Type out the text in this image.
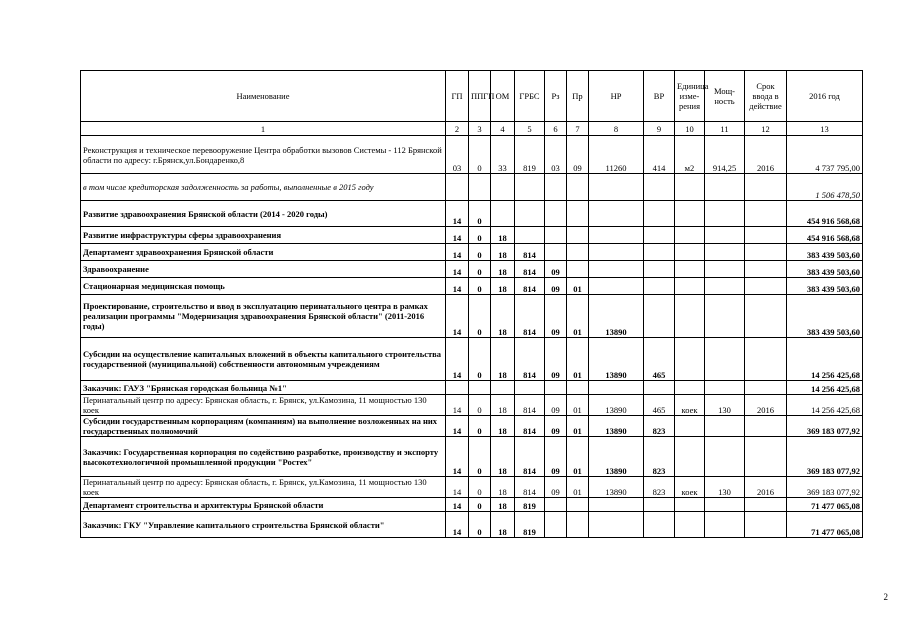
Наименование	ГП	ППГП	ОМ	ГРБС	Рз	Пр	НР	ВР	Единица изме-рения	Мощ-ность	Срок ввода в действие	2016 год
1	2	3	4	5	6	7	8	9	10	11	12	13
Реконструкция и техническое перевооружение Центра обработки вызовов Системы - 112 Брянской области по адресу: г.Брянск,ул.Бондаренко,8	03	0	33	819	03	09	11260	414	м2	914,25	2016	4 737 795,00
в том числе кредиторская задолженность за работы, выполненные в 2015 году												1 506 478,50
Развитие здравоохранения Брянской области (2014 - 2020 годы)	14	0										454 916 568,68
Развитие инфраструктуры сферы здравоохранения	14	0	18									454 916 568,68
Департамент здравоохранения Брянской области	14	0	18	814								383 439 503,60
Здравоохранение	14	0	18	814	09							383 439 503,60
Стационарная медицинская помощь	14	0	18	814	09	01						383 439 503,60
Проектирование, строительство и ввод в эксплуатацию перинатального центра в рамках реализации программы "Модернизация здравоохранения Брянской области" (2011-2016 годы)	14	0	18	814	09	01	13890					383 439 503,60
Субсидии на осуществление капитальных вложений в объекты капитального строительства государственной (муниципальной) собственности автономным учреждениям	14	0	18	814	09	01	13890	465				14 256 425,68
Заказчик: ГАУЗ "Брянская городская больница №1"												14 256 425,68
Перинатальный центр по адресу: Брянская область, г. Брянск, ул.Камозина, 11 мощностью 130 коек	14	0	18	814	09	01	13890	465	коек	130	2016	14 256 425,68
Субсидии государственным корпорациям (компаниям) на выполнение возложенных на них государственных полномочий	14	0	18	814	09	01	13890	823				369 183 077,92
Заказчик: Государственная корпорация по содействию разработке, производству и экспорту высокотехнологичной промышленной продукции "Ростех"	14	0	18	814	09	01	13890	823				369 183 077,92
Перинатальный центр по адресу: Брянская область, г. Брянск, ул.Камозина, 11 мощностью 130 коек	14	0	18	814	09	01	13890	823	коек	130	2016	369 183 077,92
Департамент строительства и архитектуры Брянской области	14	0	18	819								71 477 065,08
Заказчик: ГКУ "Управление капитального строительства Брянской области"	14	0	18	819								71 477 065,08
2
